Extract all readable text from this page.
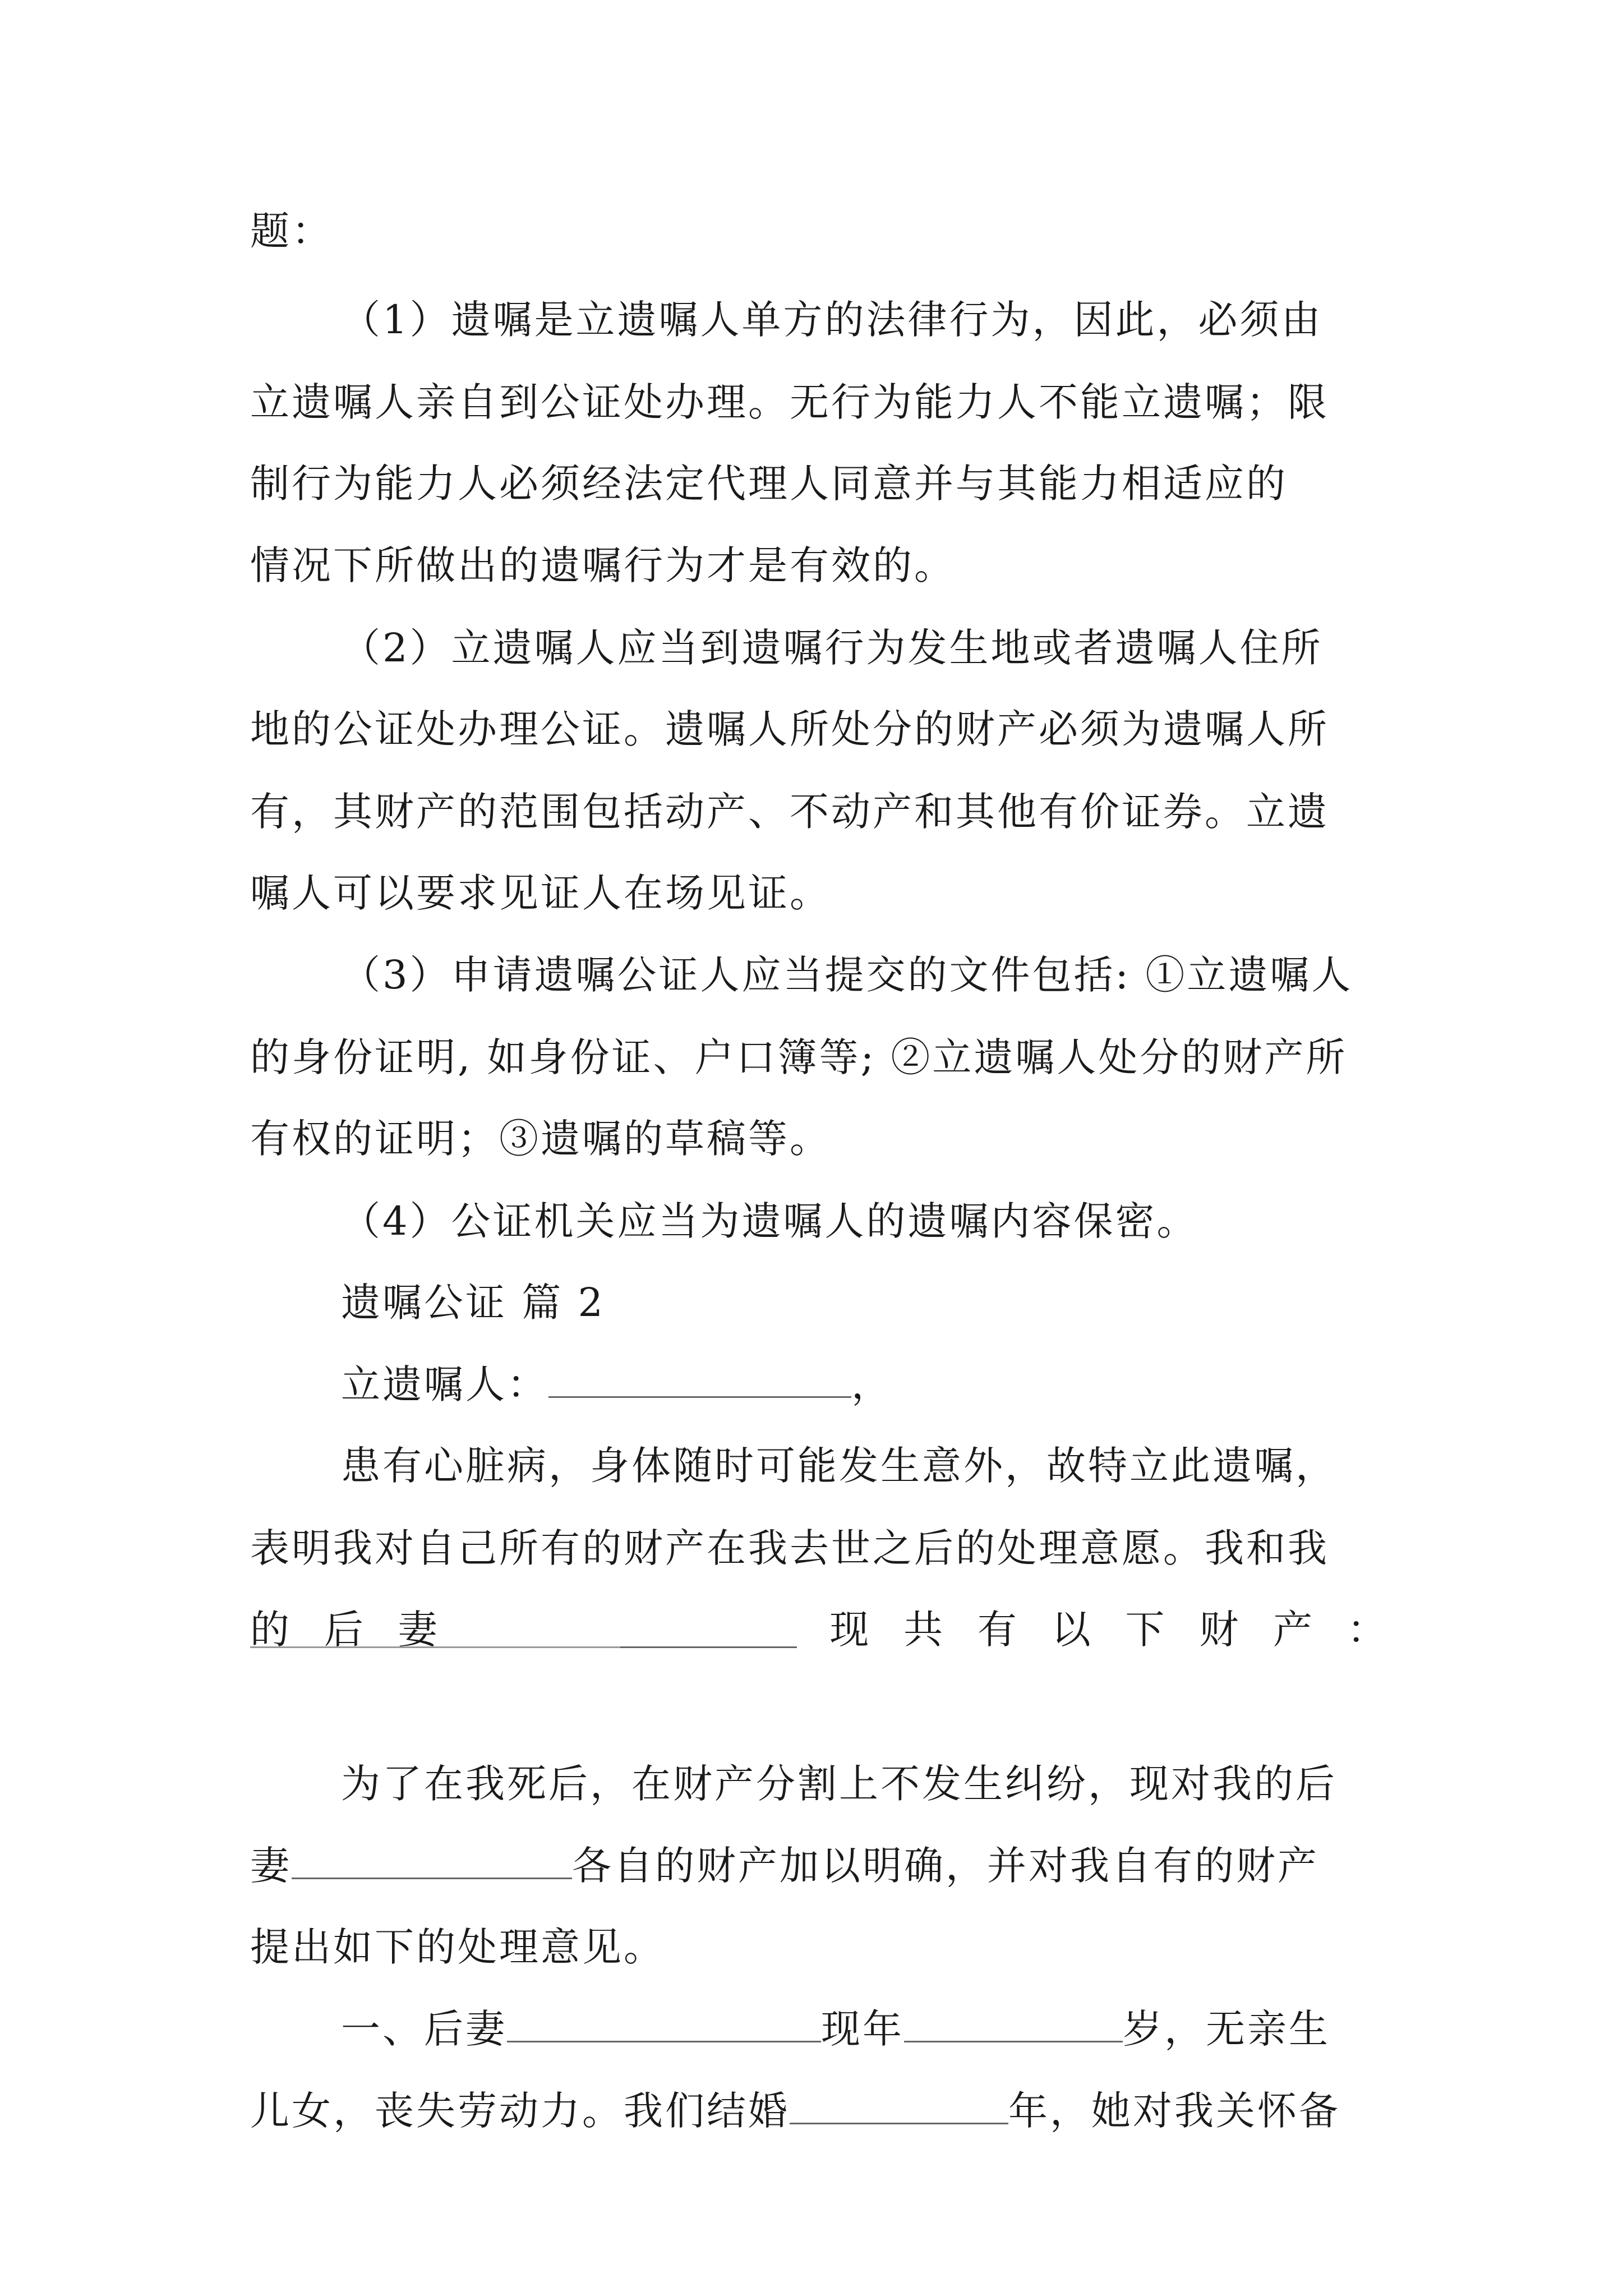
题：
（1）遗嘱是立遗嘱人单方的法律行为，因此，必须由
立遗嘱人亲自到公证处办理。无行为能力人不能立遗嘱；限
制行为能力人必须经法定代理人同意并与其能力相适应的
情况下所做出的遗嘱行为才是有效的。
（2）立遗嘱人应当到遗嘱行为发生地或者遗嘱人住所
地的公证处办理公证。遗嘱人所处分的财产必须为遗嘱人所
有，其财产的范围包括动产、不动产和其他有价证券。立遗
嘱人可以要求见证人在场见证。
（3）申请遗嘱公证人应当提交的文件包括: ①立遗嘱人
的身份证明, 如身份证、户口簿等; ②立遗嘱人处分的财产所
有权的证明；③遗嘱的草稿等。
（4）公证机关应当为遗嘱人的遗嘱内容保密。
遗嘱公证 篇 2
立遗嘱人：	，
患有心脏病，身体随时可能发生意外，故特立此遗嘱，
表明我对自己所有的财产在我去世之后的处理意愿。我和我
的 后 妻	现 共 有 以 下 财 产 ：
为了在我死后，在财产分割上不发生纠纷，现对我的后
妻	各自的财产加以明确，并对我自有的财产
提出如下的处理意见。
一、后妻	现年	岁，无亲生
儿女，丧失劳动力。我们结婚	年，她对我关怀备
